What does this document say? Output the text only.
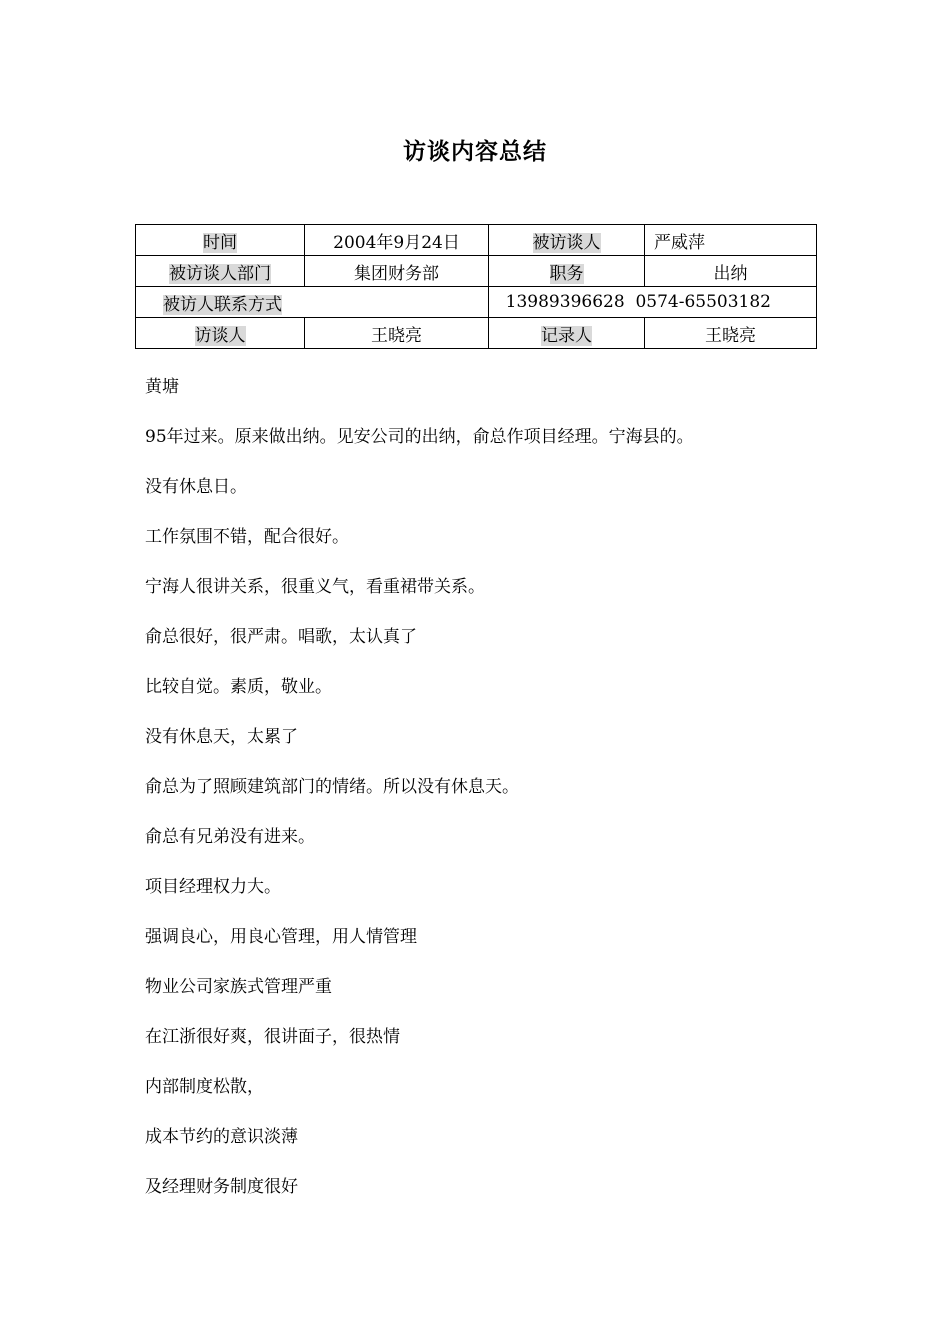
访谈内容总结
时间	2004年9月24日	被访谈人	严威萍
被访谈人部门	集团财务部	职务	出纳
被访人联系方式		13989396628  0574-65503182	
访谈人	王晓亮	记录人	王晓亮
黄塘
95年过来。原来做出纳。见安公司的出纳，俞总作项目经理。宁海县的。
没有休息日。
工作氛围不错，配合很好。
宁海人很讲关系，很重义气，看重裙带关系。
俞总很好，很严肃。唱歌，太认真了
比较自觉。素质，敬业。
没有休息天，太累了
俞总为了照顾建筑部门的情绪。所以没有休息天。
俞总有兄弟没有进来。
项目经理权力大。
强调良心，用良心管理，用人情管理
物业公司家族式管理严重
在江浙很好爽，很讲面子，很热情
内部制度松散，
成本节约的意识淡薄
及经理财务制度很好
